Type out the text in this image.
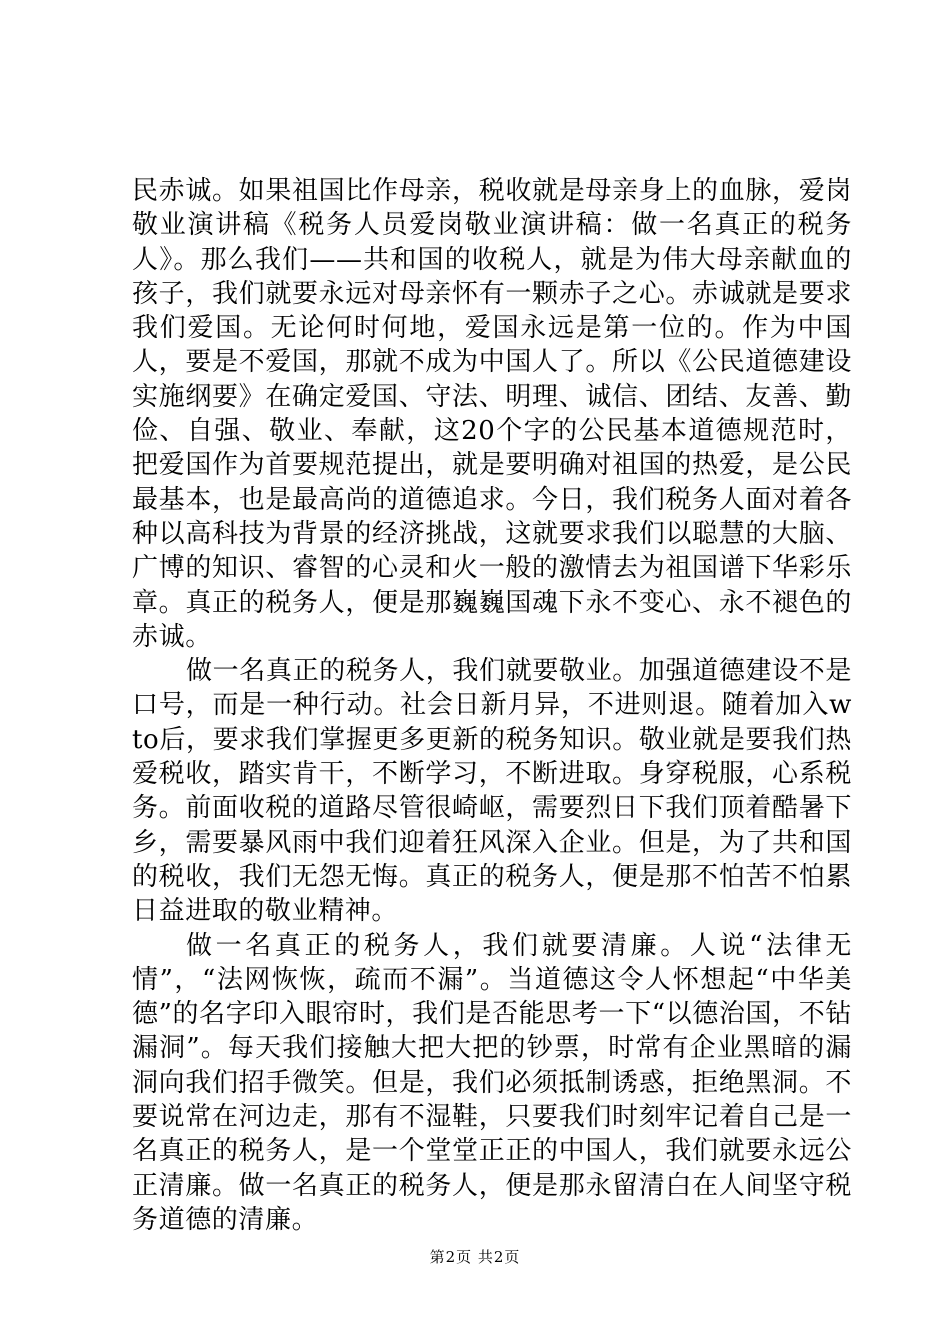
民赤诚。如果祖国比作母亲，税收就是母亲身上的血脉，爱岗敬业演讲稿《税务人员爱岗敬业演讲稿：做一名真正的税务人》。那么我们——共和国的收税人，就是为伟大母亲献血的孩子，我们就要永远对母亲怀有一颗赤子之心。赤诚就是要求我们爱国。无论何时何地，爱国永远是第一位的。作为中国人，要是不爱国，那就不成为中国人了。所以《公民道德建设实施纲要》在确定爱国、守法、明理、诚信、团结、友善、勤俭、自强、敬业、奉献，这20个字的公民基本道德规范时，把爱国作为首要规范提出，就是要明确对祖国的热爱，是公民最基本，也是最高尚的道德追求。今日，我们税务人面对着各种以高科技为背景的经济挑战，这就要求我们以聪慧的大脑、广博的知识、睿智的心灵和火一般的激情去为祖国谱下华彩乐章。真正的税务人，便是那巍巍国魂下永不变心、永不褪色的赤诚。

做一名真正的税务人，我们就要敬业。加强道德建设不是口号，而是一种行动。社会日新月异，不进则退。随着加入wto后，要求我们掌握更多更新的税务知识。敬业就是要我们热爱税收，踏实肯干，不断学习，不断进取。身穿税服，心系税务。前面收税的道路尽管很崎岖，需要烈日下我们顶着酷暑下乡，需要暴风雨中我们迎着狂风深入企业。但是，为了共和国的税收，我们无怨无悔。真正的税务人，便是那不怕苦不怕累日益进取的敬业精神。

做一名真正的税务人，我们就要清廉。人说“法律无情”，“法网恢恢，疏而不漏”。当道德这令人怀想起“中华美德”的名字印入眼帘时，我们是否能思考一下“以德治国，不钻漏洞”。每天我们接触大把大把的钞票，时常有企业黑暗的漏洞向我们招手微笑。但是，我们必须抵制诱惑，拒绝黑洞。不要说常在河边走，那有不湿鞋，只要我们时刻牢记着自己是一名真正的税务人，是一个堂堂正正的中国人，我们就要永远公正清廉。做一名真正的税务人，便是那永留清白在人间坚守税务道德的清廉。

第2页 共2页
